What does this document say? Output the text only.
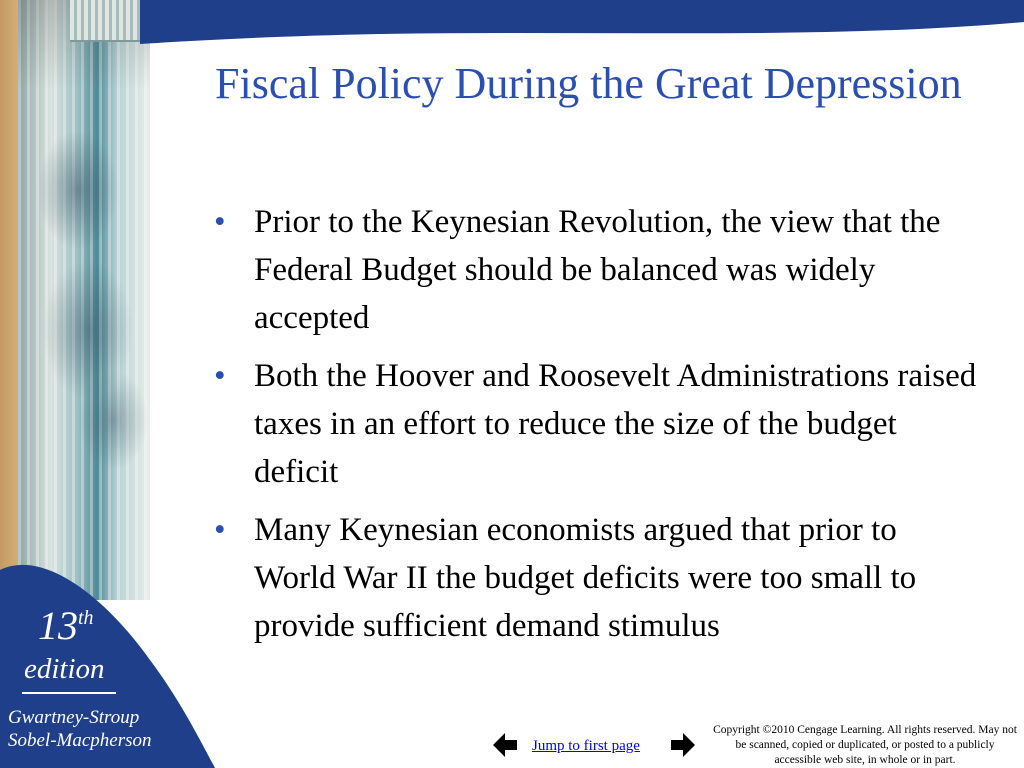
13th
edition
Gwartney-Stroup
Sobel-Macpherson
Fiscal Policy During the Great Depression
• Prior to the Keynesian Revolution, the view that the Federal Budget should be balanced was widely accepted
• Both the Hoover and Roosevelt Administrations raised taxes in an effort to reduce the size of the budget deficit
• Many Keynesian economists argued that prior to World War II the budget deficits were too small to provide sufficient demand stimulus
Jump to first page
Copyright ©2010 Cengage Learning. All rights reserved. May not be scanned, copied or duplicated, or posted to a publicly accessible web site, in whole or in part.
